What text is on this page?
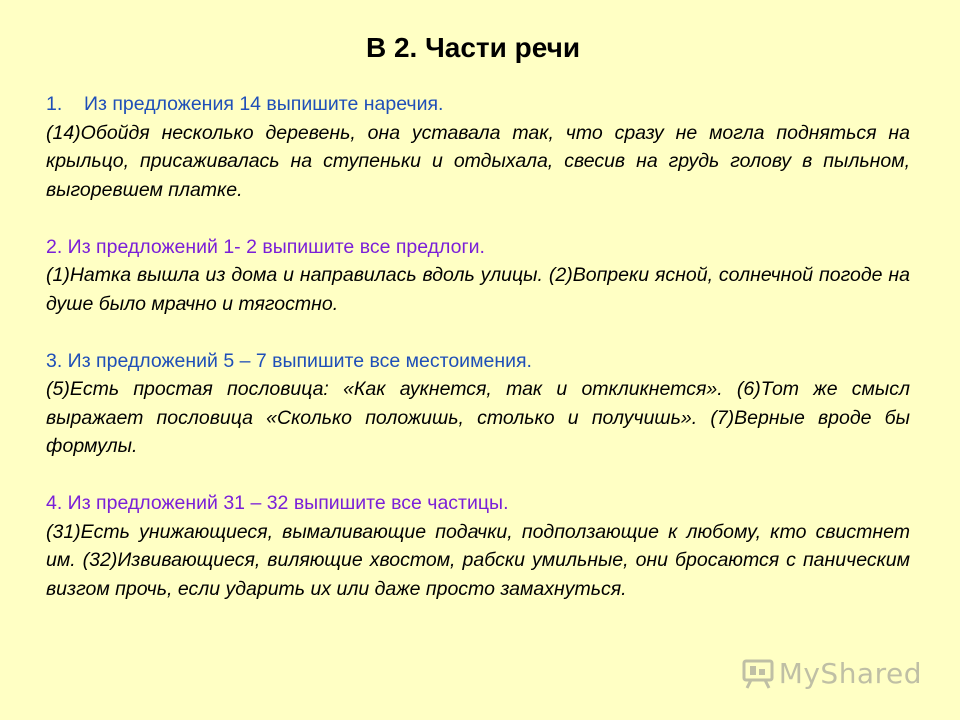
В 2. Части речи

1. Из предложения 14 выпишите наречия.

(14)Обойдя несколько деревень, она уставала так, что сразу не могла подняться на крыльцо, присаживалась на ступеньки и отдыхала, свесив на грудь голову в пыльном, выгоревшем платке.

2. Из предложений 1- 2 выпишите все предлоги.

(1)Натка вышла из дома и направилась вдоль улицы. (2)Вопреки ясной, солнечной погоде на душе было мрачно и тягостно.

3. Из предложений 5 – 7 выпишите все местоимения.

(5)Есть простая пословица: «Как аукнется, так и откликнется». (6)Тот же смысл выражает пословица «Сколько положишь, столько и получишь». (7)Верные вроде бы формулы.

4. Из предложений 31 – 32 выпишите все частицы.

(31)Есть унижающиеся, вымаливающие подачки, подползающие к любому, кто свистнет им. (32)Извивающиеся, виляющие хвостом, рабски умильные, они бросаются с паническим визгом прочь, если ударить их или даже просто замахнуться.

MyShared
